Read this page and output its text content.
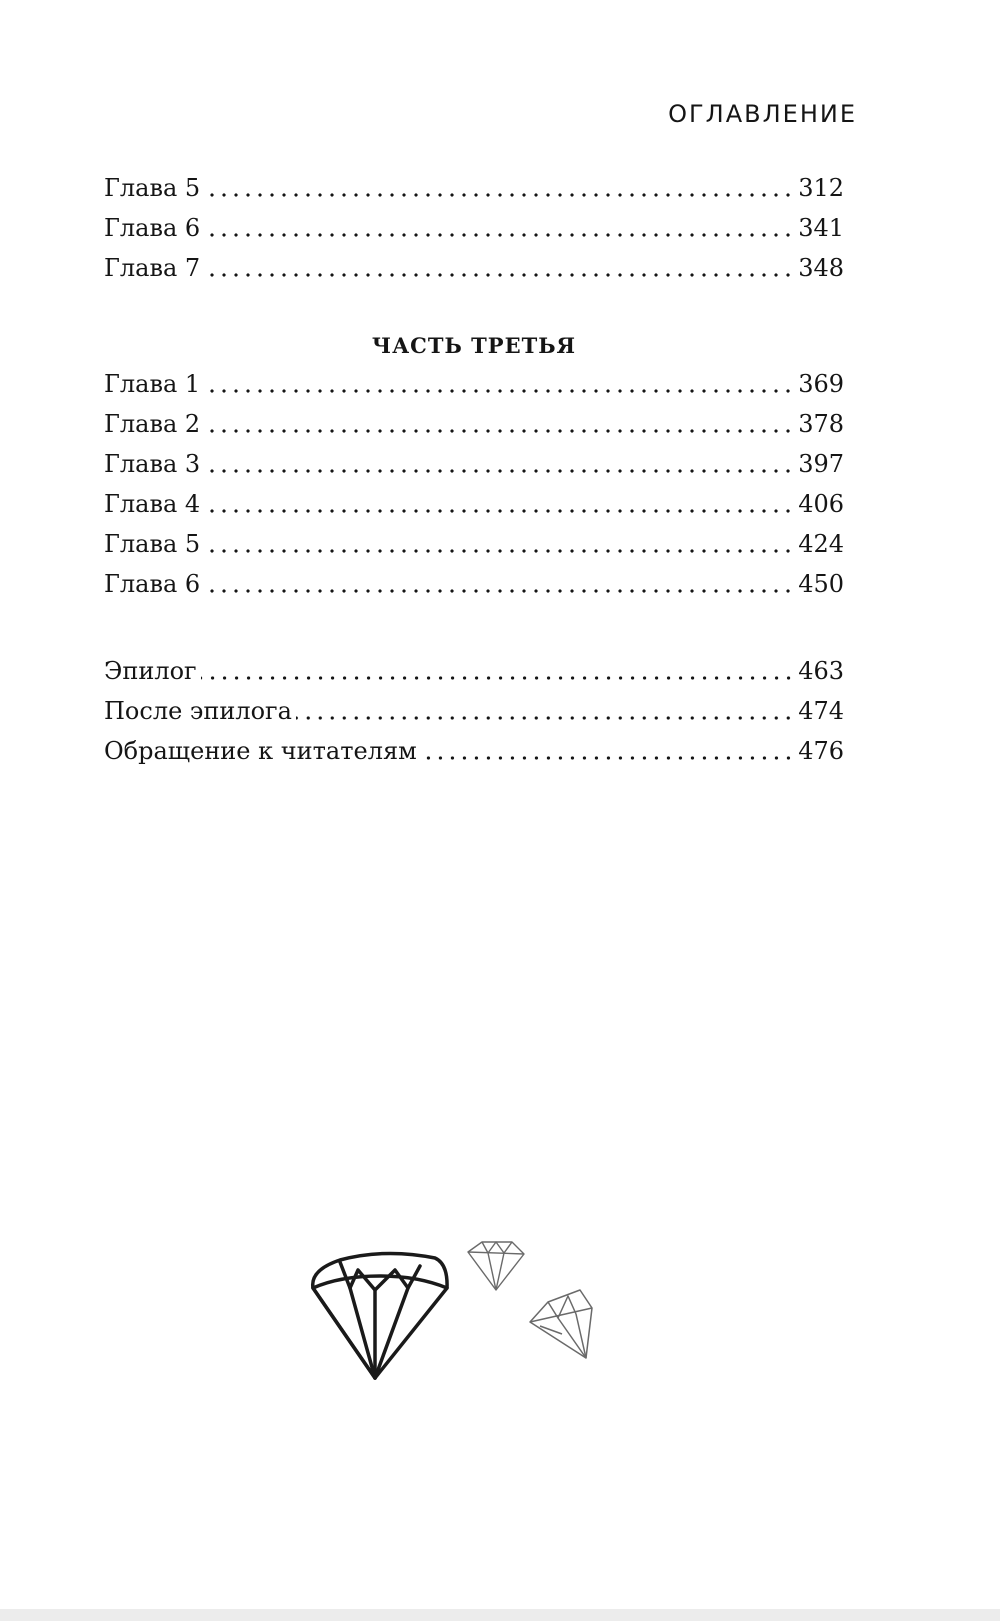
ОГЛАВЛЕНИЕ
Глава 5	312
Глава 6	341
Глава 7	348
ЧАСТЬ ТРЕТЬЯ
Глава 1	369
Глава 2	378
Глава 3	397
Глава 4	406
Глава 5	424
Глава 6	450
Эпилог	463
После эпилога	474
Обращение к читателям	476
